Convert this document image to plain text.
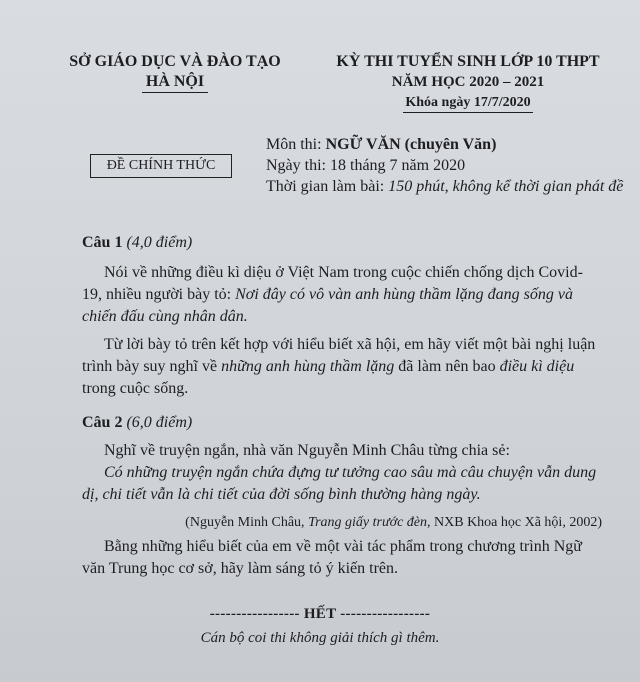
SỞ GIÁO DỤC VÀ ĐÀO TẠO
HÀ NỘI
KỲ THI TUYỂN SINH LỚP 10 THPT
NĂM HỌC 2020 – 2021
Khóa ngày 17/7/2020
ĐỀ CHÍNH THỨC
Môn thi: NGỮ VĂN (chuyên Văn)
Ngày thi: 18 tháng 7 năm 2020
Thời gian làm bài: 150 phút, không kể thời gian phát đề

Câu 1 (4,0 điểm)

Nói về những điều kì diệu ở Việt Nam trong cuộc chiến chống dịch Covid-19, nhiều người bày tỏ: Nơi đây có vô vàn anh hùng thầm lặng đang sống và chiến đấu cùng nhân dân.

Từ lời bày tỏ trên kết hợp với hiểu biết xã hội, em hãy viết một bài nghị luận trình bày suy nghĩ về những anh hùng thầm lặng đã làm nên bao điều kì diệu trong cuộc sống.

Câu 2 (6,0 điểm)

Nghĩ về truyện ngắn, nhà văn Nguyễn Minh Châu từng chia sẻ:

Có những truyện ngắn chứa đựng tư tưởng cao sâu mà câu chuyện vẫn dung dị, chi tiết vẫn là chi tiết của đời sống bình thường hàng ngày.

(Nguyễn Minh Châu, Trang giấy trước đèn, NXB Khoa học Xã hội, 2002)

Bằng những hiểu biết của em về một vài tác phẩm trong chương trình Ngữ văn Trung học cơ sở, hãy làm sáng tỏ ý kiến trên.

----------------- HẾT -----------------
Cán bộ coi thi không giải thích gì thêm.
